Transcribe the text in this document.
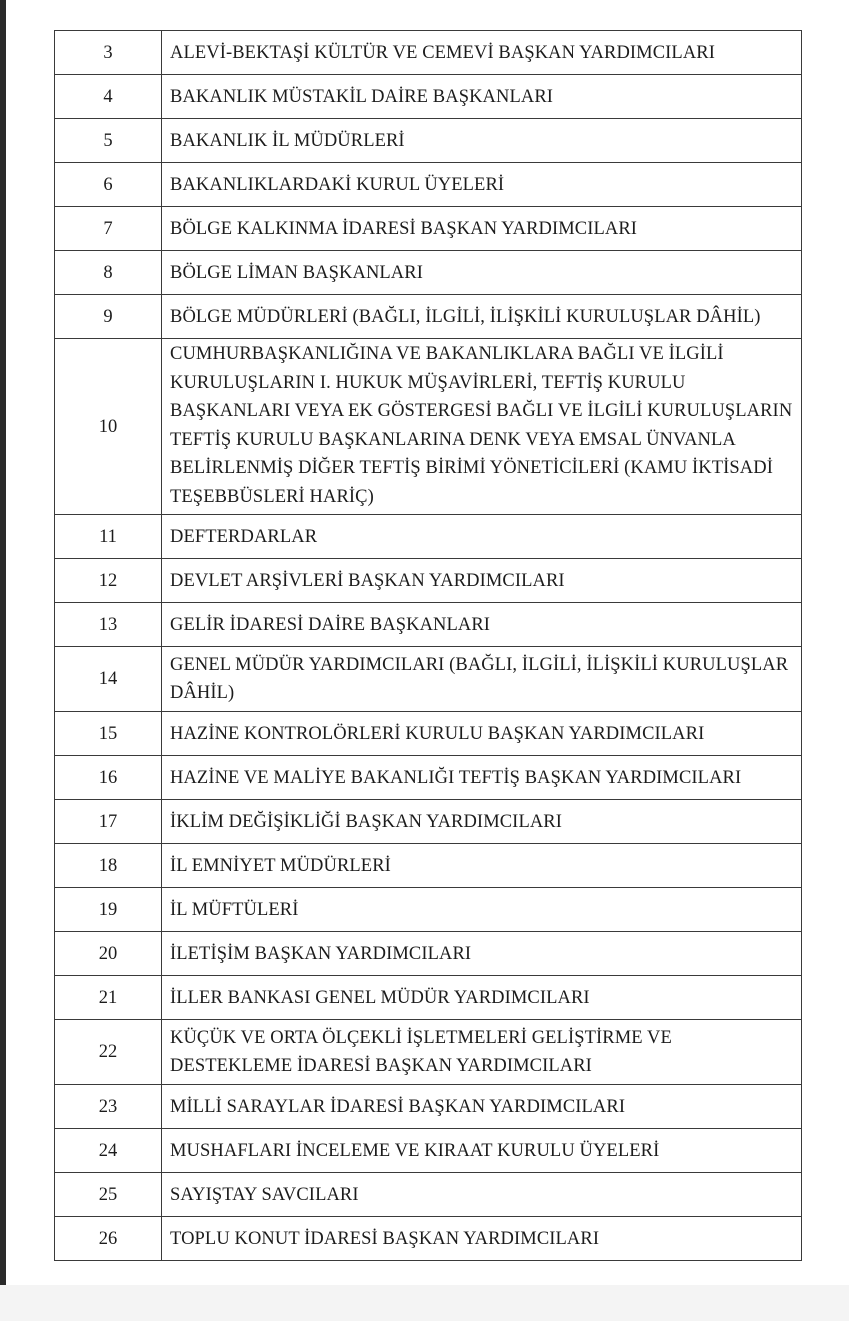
3	ALEVİ-BEKTAŞİ KÜLTÜR VE CEMEVİ BAŞKAN YARDIMCILARI
4	BAKANLIK MÜSTAKİL DAİRE BAŞKANLARI
5	BAKANLIK İL MÜDÜRLERİ
6	BAKANLIKLARDAKİ KURUL ÜYELERİ
7	BÖLGE KALKINMA İDARESİ BAŞKAN YARDIMCILARI
8	BÖLGE LİMAN BAŞKANLARI
9	BÖLGE MÜDÜRLERİ (BAĞLI, İLGİLİ, İLİŞKİLİ KURULUŞLAR DÂHİL)
10	CUMHURBAŞKANLIĞINA VE BAKANLIKLARA BAĞLI VE İLGİLİ KURULUŞLARIN I. HUKUK MÜŞAVİRLERİ, TEFTİŞ KURULU BAŞKANLARI VEYA EK GÖSTERGESİ BAĞLI VE İLGİLİ KURULUŞLARIN TEFTİŞ KURULU BAŞKANLARINA DENK VEYA EMSAL ÜNVANLA BELİRLENMİŞ DİĞER TEFTİŞ BİRİMİ YÖNETİCİLERİ (KAMU İKTİSADİ TEŞEBBÜSLERİ HARİÇ)
11	DEFTERDARLAR
12	DEVLET ARŞİVLERİ BAŞKAN YARDIMCILARI
13	GELİR İDARESİ DAİRE BAŞKANLARI
14	GENEL MÜDÜR YARDIMCILARI (BAĞLI, İLGİLİ, İLİŞKİLİ KURULUŞLAR DÂHİL)
15	HAZİNE KONTROLÖRLERİ KURULU BAŞKAN YARDIMCILARI
16	HAZİNE VE MALİYE BAKANLIĞI TEFTİŞ BAŞKAN YARDIMCILARI
17	İKLİM DEĞİŞİKLİĞİ BAŞKAN YARDIMCILARI
18	İL EMNİYET MÜDÜRLERİ
19	İL MÜFTÜLERİ
20	İLETİŞİM BAŞKAN YARDIMCILARI
21	İLLER BANKASI GENEL MÜDÜR YARDIMCILARI
22	KÜÇÜK VE ORTA ÖLÇEKLİ İŞLETMELERİ GELİŞTİRME VE DESTEKLEME İDARESİ BAŞKAN YARDIMCILARI
23	MİLLİ SARAYLAR İDARESİ BAŞKAN YARDIMCILARI
24	MUSHAFLARI İNCELEME VE KIRAAT KURULU ÜYELERİ
25	SAYIŞTAY SAVCILARI
26	TOPLU KONUT İDARESİ BAŞKAN YARDIMCILARI
